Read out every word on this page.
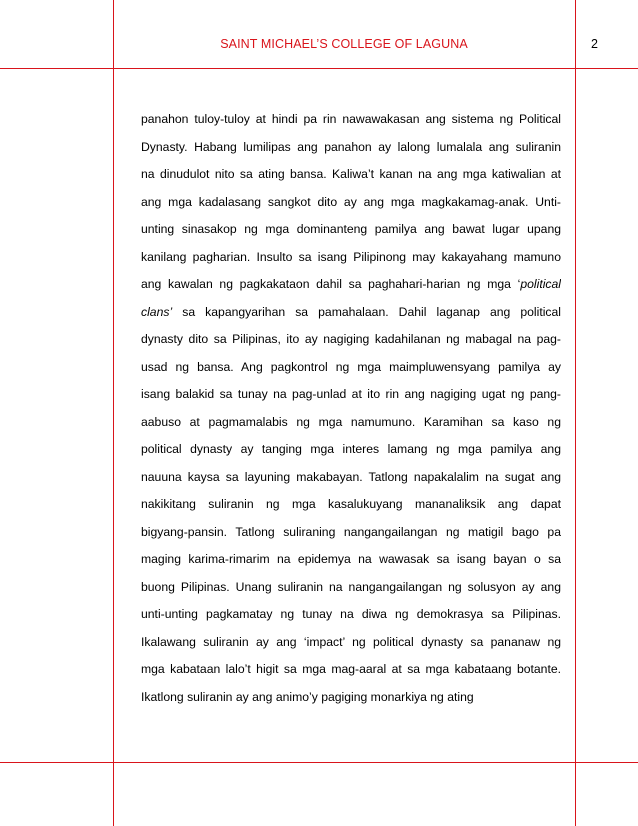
SAINT MICHAEL’S COLLEGE OF LAGUNA	2
panahon tuloy-tuloy at hindi pa rin nawawakasan ang sistema ng Political
Dynasty. Habang lumilipas ang panahon ay lalong lumalala ang suliranin
na dinudulot nito sa ating bansa. Kaliwa’t kanan na ang mga katiwalian at
ang mga kadalasang sangkot dito ay ang mga magkakamag-anak. Unti-
unting sinasakop ng mga dominanteng pamilya ang bawat lugar upang
kanilang pagharian. Insulto sa isang Pilipinong may kakayahang mamuno
ang kawalan ng pagkakataon dahil sa paghahari-harian ng mga ‘political
clans’ sa kapangyarihan sa pamahalaan. Dahil laganap ang political
dynasty dito sa Pilipinas, ito ay nagiging kadahilanan ng mabagal na pag-
usad ng bansa. Ang pagkontrol ng mga maimpluwensyang pamilya ay
isang balakid sa tunay na pag-unlad at ito rin ang nagiging ugat ng pang-
aabuso at pagmamalabis ng mga namumuno. Karamihan sa kaso ng
political dynasty ay tanging mga interes lamang ng mga pamilya ang
nauuna kaysa sa layuning makabayan. Tatlong napakalalim na sugat ang
nakikitang suliranin ng mga kasalukuyang mananaliksik ang dapat
bigyang-pansin. Tatlong suliraning nangangailangan ng matigil bago pa
maging karima-rimarim na epidemya na wawasak sa isang bayan o sa
buong Pilipinas. Unang suliranin na nangangailangan ng solusyon ay ang
unti-unting pagkamatay ng tunay na diwa ng demokrasya sa Pilipinas.
Ikalawang suliranin ay ang ‘impact’ ng political dynasty sa pananaw ng
mga kabataan lalo’t higit sa mga mag-aaral at sa mga kabataang botante.
Ikatlong suliranin ay ang animo’y pagiging monarkiya ng ating
